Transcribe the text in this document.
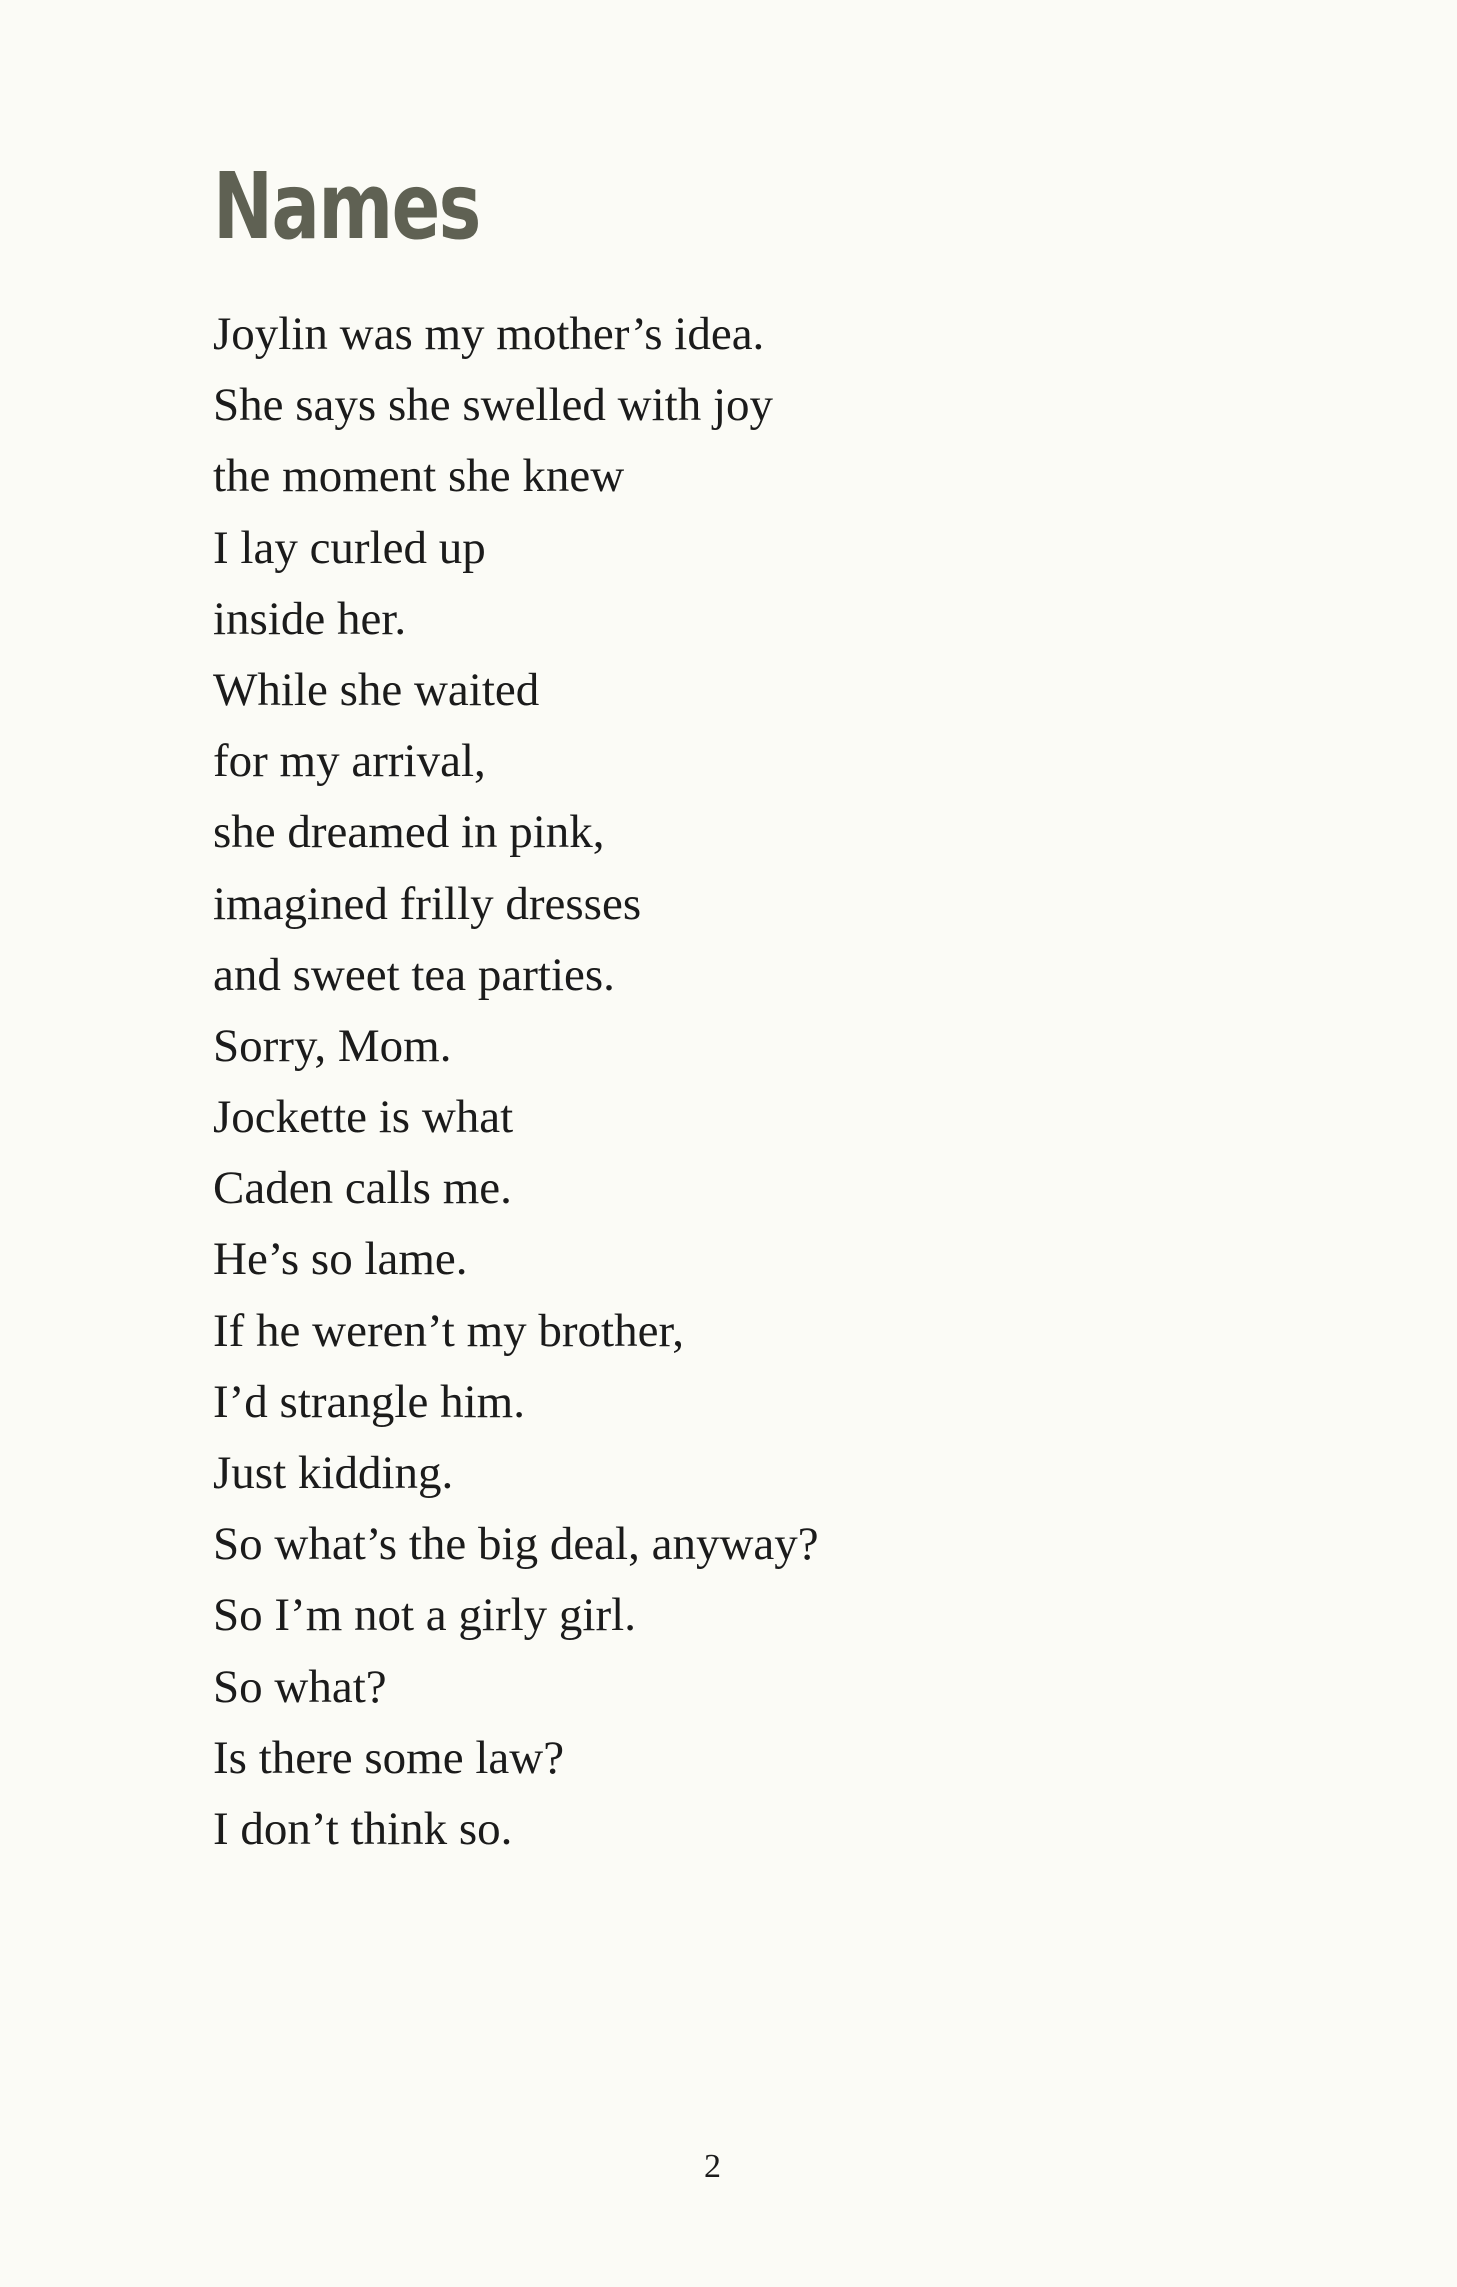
Names
Joylin was my mother’s idea.
She says she swelled with joy
the moment she knew
I lay curled up
inside her.
While she waited
for my arrival,
she dreamed in pink,
imagined frilly dresses
and sweet tea parties.
Sorry, Mom.
Jockette is what
Caden calls me.
He’s so lame.
If he weren’t my brother,
I’d strangle him.
Just kidding.
So what’s the big deal, anyway?
So I’m not a girly girl.
So what?
Is there some law?
I don’t think so.
2
